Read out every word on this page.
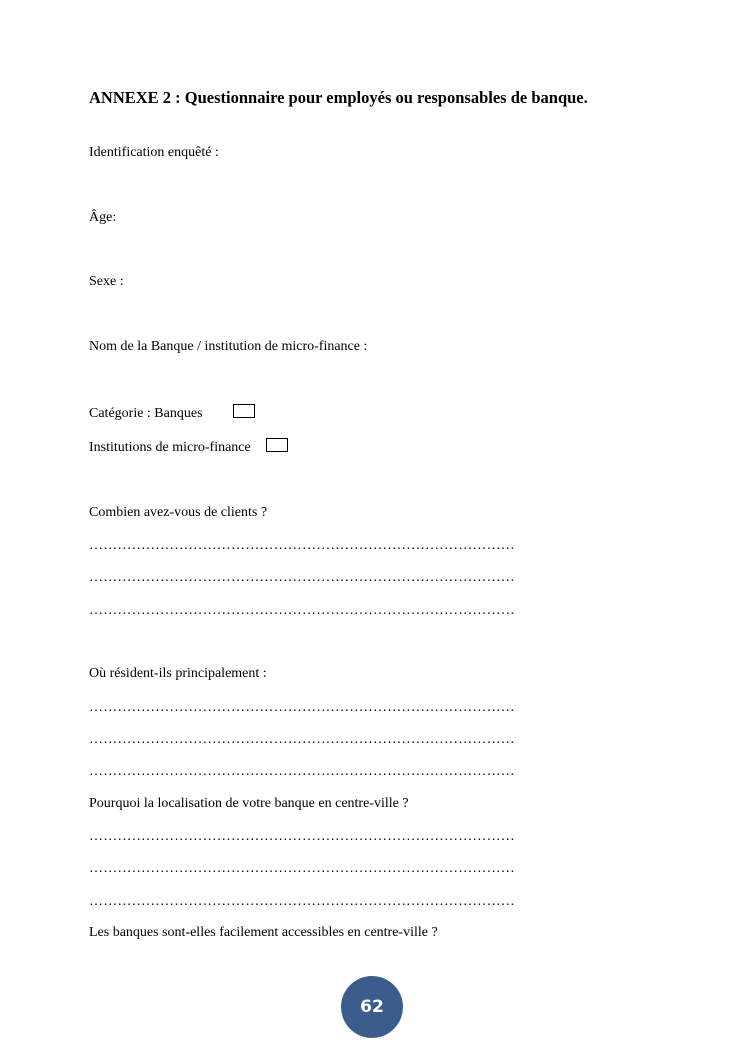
ANNEXE 2 : Questionnaire pour employés ou responsables de banque.
Identification enquêté :
Âge:
Sexe :
Nom de la Banque / institution de micro-finance :
Catégorie : Banques
Institutions de micro-finance
Combien avez-vous de clients ?
………………………………………………………………………………
………………………………………………………………………………
………………………………………………………………………………
Où résident-ils principalement :
………………………………………………………………………………
………………………………………………………………………………
………………………………………………………………………………
Pourquoi la localisation de votre banque en centre-ville ?
………………………………………………………………………………
………………………………………………………………………………
………………………………………………………………………………
Les banques sont-elles facilement accessibles en centre-ville ?
62
